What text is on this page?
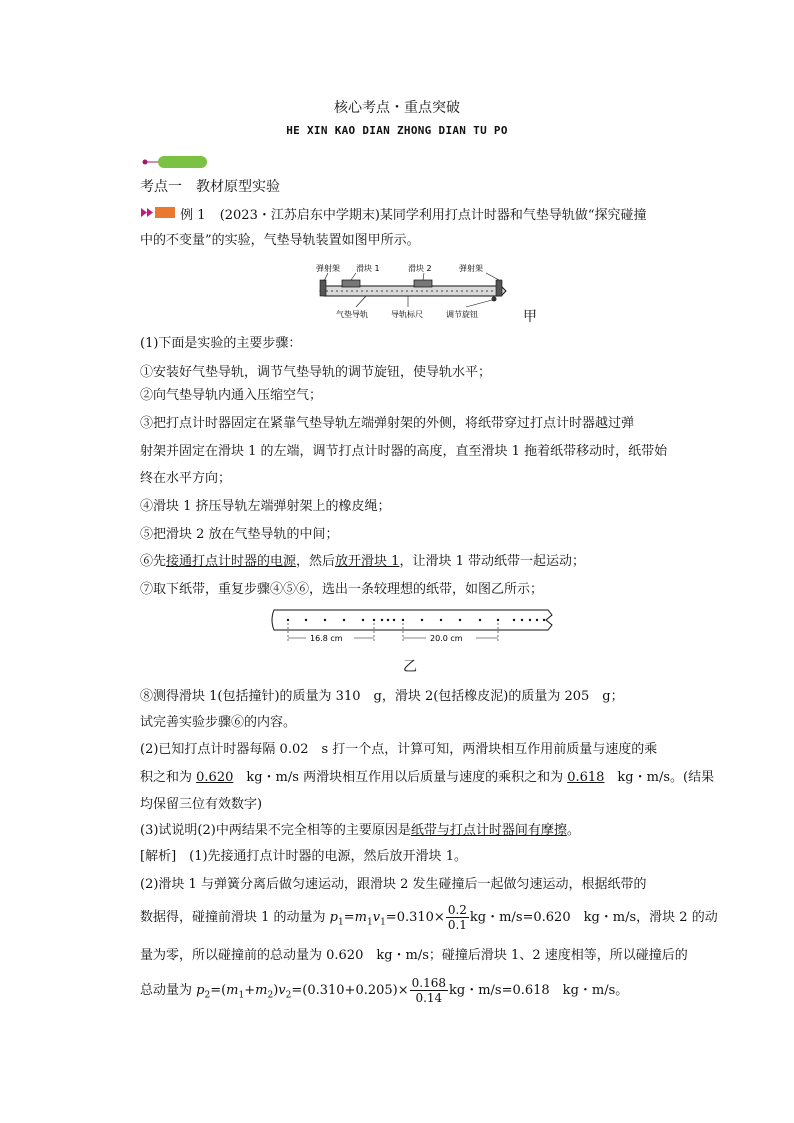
核心考点・重点突破
HE XIN KAO DIAN ZHONG DIAN TU PO
考点一　教材原型实验
例 1 (2023・江苏启东中学期末)某同学利用打点计时器和气垫导轨做“探究碰撞
中的不变量”的实验，气垫导轨装置如图甲所示。
弹射架 滑块 1	滑块 2	弹射架
气垫导轨	导轨标尺	调节旋钮	甲
(1)下面是实验的主要步骤：
①安装好气垫导轨，调节气垫导轨的调节旋钮，使导轨水平；
②向气垫导轨内通入压缩空气；
③把打点计时器固定在紧靠气垫导轨左端弹射架的外侧，将纸带穿过打点计时器越过弹
射架并固定在滑块 1 的左端，调节打点计时器的高度，直至滑块 1 拖着纸带移动时，纸带始
终在水平方向；
④滑块 1 挤压导轨左端弹射架上的橡皮绳；
⑤把滑块 2 放在气垫导轨的中间；
⑥先接通打点计时器的电源，然后放开滑块 1，让滑块 1 带动纸带一起运动；
⑦取下纸带，重复步骤④⑤⑥，选出一条较理想的纸带，如图乙所示；
16.8 cm	20.0 cm
乙
⑧测得滑块 1(包括撞针)的质量为 310　g，滑块 2(包括橡皮泥)的质量为 205　g；
试完善实验步骤⑥的内容。
(2)已知打点计时器每隔 0.02　s 打一个点，计算可知，两滑块相互作用前质量与速度的乘
积之和为 0.620　kg・m/s 两滑块相互作用以后质量与速度的乘积之和为 0.618　kg・m/s。(结果
均保留三位有效数字)
(3)试说明(2)中两结果不完全相等的主要原因是纸带与打点计时器间有摩擦。
[解析]　(1)先接通打点计时器的电源，然后放开滑块 1。
(2)滑块 1 与弹簧分离后做匀速运动，跟滑块 2 发生碰撞后一起做匀速运动，根据纸带的
数据得，碰撞前滑块 1 的动量为 $p_1=m_1v_1=0.310\times \frac{0.2}{0.1}$ kg・m/s=0.620　kg・m/s，滑块 2 的动
量为零，所以碰撞前的总动量为 0.620　kg・m/s；碰撞后滑块 1、2 速度相等，所以碰撞后的
总动量为 $p_2=(m_1+m_2)v_2=(0.310+0.205)\times \frac{0.168}{0.14}$ kg・m/s=0.618　kg・m/s。
